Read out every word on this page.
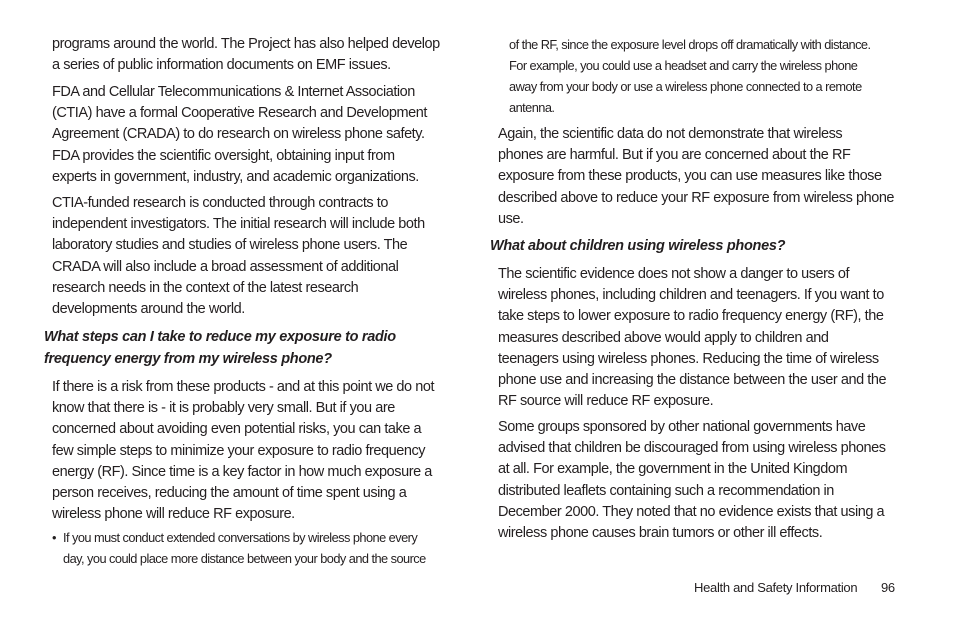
programs around the world. The Project has also helped develop
a series of public information documents on EMF issues.
FDA and Cellular Telecommunications & Internet Association
(CTIA) have a formal Cooperative Research and Development
Agreement (CRADA) to do research on wireless phone safety.
FDA provides the scientific oversight, obtaining input from
experts in government, industry, and academic organizations.
CTIA-funded research is conducted through contracts to
independent investigators. The initial research will include both
laboratory studies and studies of wireless phone users. The
CRADA will also include a broad assessment of additional
research needs in the context of the latest research
developments around the world.
What steps can I take to reduce my exposure to radio
frequency energy from my wireless phone?
If there is a risk from these products - and at this point we do not
know that there is - it is probably very small. But if you are
concerned about avoiding even potential risks, you can take a
few simple steps to minimize your exposure to radio frequency
energy (RF). Since time is a key factor in how much exposure a
person receives, reducing the amount of time spent using a
wireless phone will reduce RF exposure.
• If you must conduct extended conversations by wireless phone every
day, you could place more distance between your body and the source
of the RF, since the exposure level drops off dramatically with distance.
For example, you could use a headset and carry the wireless phone
away from your body or use a wireless phone connected to a remote
antenna.
Again, the scientific data do not demonstrate that wireless
phones are harmful. But if you are concerned about the RF
exposure from these products, you can use measures like those
described above to reduce your RF exposure from wireless phone
use.
What about children using wireless phones?
The scientific evidence does not show a danger to users of
wireless phones, including children and teenagers. If you want to
take steps to lower exposure to radio frequency energy (RF), the
measures described above would apply to children and
teenagers using wireless phones. Reducing the time of wireless
phone use and increasing the distance between the user and the
RF source will reduce RF exposure.
Some groups sponsored by other national governments have
advised that children be discouraged from using wireless phones
at all. For example, the government in the United Kingdom
distributed leaflets containing such a recommendation in
December 2000. They noted that no evidence exists that using a
wireless phone causes brain tumors or other ill effects.
Health and Safety Information 96
